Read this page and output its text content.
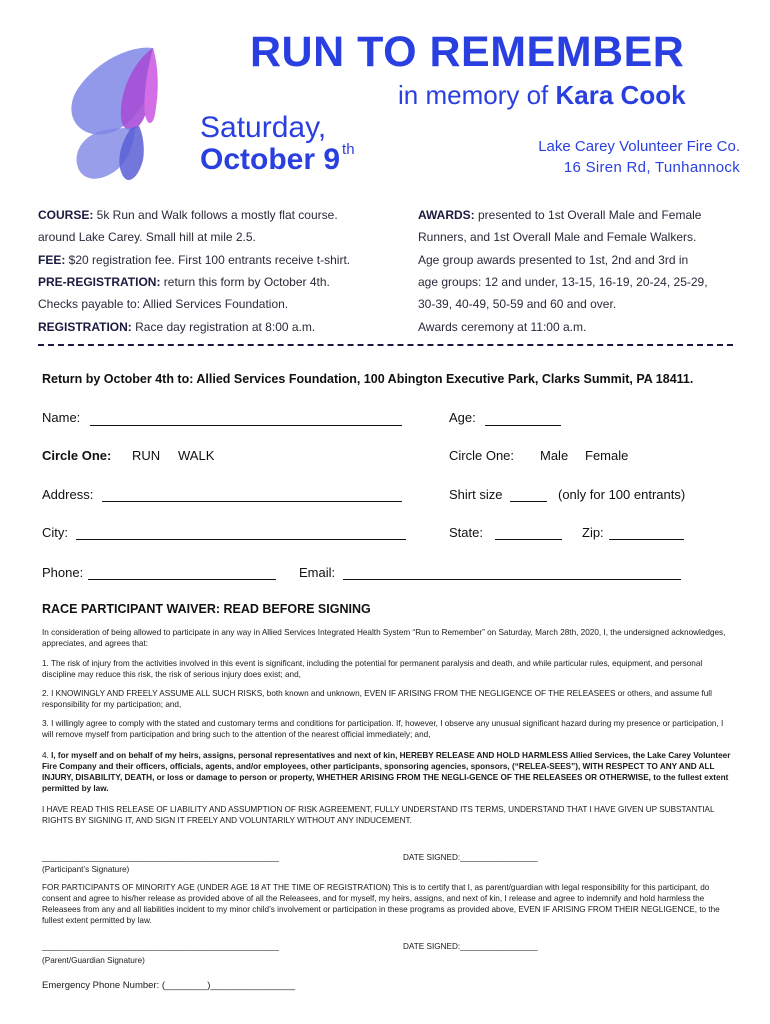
RUN TO REMEMBER
in memory of Kara Cook
Saturday,
October 9 $^{th}$	Lake Carey Volunteer Fire Co.
16 Siren Rd, Tunhannock
COURSE: 5k Run and Walk follows a mostly flat course.
around Lake Carey. Small hill at mile 2.5.
FEE: $20 registration fee. First 100 entrants receive t-shirt.
PRE-REGISTRATION: return this form by October 4th.
Checks payable to: Allied Services Foundation.
REGISTRATION: Race day registration at 8:00 a.m.
AWARDS: presented to 1st Overall Male and Female
Runners, and 1st Overall Male and Female Walkers.
Age group awards presented to 1st, 2nd and 3rd in
age groups: 12 and under, 13-15, 16-19, 20-24, 25-29,
30-39, 40-49, 50-59 and 60 and over.
Awards ceremony at 11:00 a.m.
Return by October 4th to: Allied Services Foundation, 100 Abington Executive Park, Clarks Summit, PA 18411.
Name:	Age:
Circle One: RUN WALK	Circle One: Male Female
Address:	Shirt size	(only for 100 entrants)
City:	State:	Zip:
Phone:	Email:
RACE PARTICIPANT WAIVER: READ BEFORE SIGNING
In consideration of being allowed to participate in any way in Allied Services Integrated Health System “Run to Remember” on Saturday, March 28th, 2020, I, the undersigned acknowledges, appreciates, and agrees that:
1. The risk of injury from the activities involved in this event is significant, including the potential for permanent paralysis and death, and while particular rules, equipment, and personal discipline may reduce this risk, the risk of serious injury does exist; and,
2. I KNOWINGLY AND FREELY ASSUME ALL SUCH RISKS, both known and unknown, EVEN IF ARISING FROM THE NEGLIGENCE OF THE RELEASEES or others, and assume full responsibility for my participation; and,
3. I willingly agree to comply with the stated and customary terms and conditions for participation. If, however, I observe any unusual significant hazard during my presence or participation, I will remove myself from participation and bring such to the attention of the nearest official immediately; and,
4. I, for myself and on behalf of my heirs, assigns, personal representatives and next of kin, HEREBY RELEASE AND HOLD HARMLESS Allied Services, the Lake Carey Volunteer Fire Company and their officers, officials, agents, and/or employees, other participants, sponsoring agencies, sponsors, (“RELEA-SEES”), WITH RESPECT TO ANY AND ALL INJURY, DISABILITY, DEATH, or loss or damage to person or property, WHETHER ARISING FROM THE NEGLI-GENCE OF THE RELEASEES OR OTHERWISE, to the fullest extent permitted by law.
I HAVE READ THIS RELEASE OF LIABILITY AND ASSUMPTION OF RISK AGREEMENT, FULLY UNDERSTAND ITS TERMS, UNDERSTAND THAT I HAVE GIVEN UP SUBSTANTIAL RIGHTS BY SIGNING IT, AND SIGN IT FREELY AND VOLUNTARILY WITHOUT ANY INDUCEMENT.
____________________________________________________	DATE SIGNED:_________________
(Participant’s Signature)
FOR PARTICIPANTS OF MINORITY AGE (UNDER AGE 18 AT THE TIME OF REGISTRATION) This is to certify that I, as parent/guardian with legal responsibility for this participant, do consent and agree to his/her release as provided above of all the Releasees, and for myself, my heirs, assigns, and next of kin, I release and agree to indemnify and hold harmless the Releasees from any and all liabilities incident to my minor child’s involvement or participation in these programs as provided above, EVEN IF ARISING FROM THEIR NEGLIGENCE, to the fullest extent permitted by law.
____________________________________________________	DATE SIGNED:_________________
(Parent/Guardian Signature)
Emergency Phone Number: (________)________________
